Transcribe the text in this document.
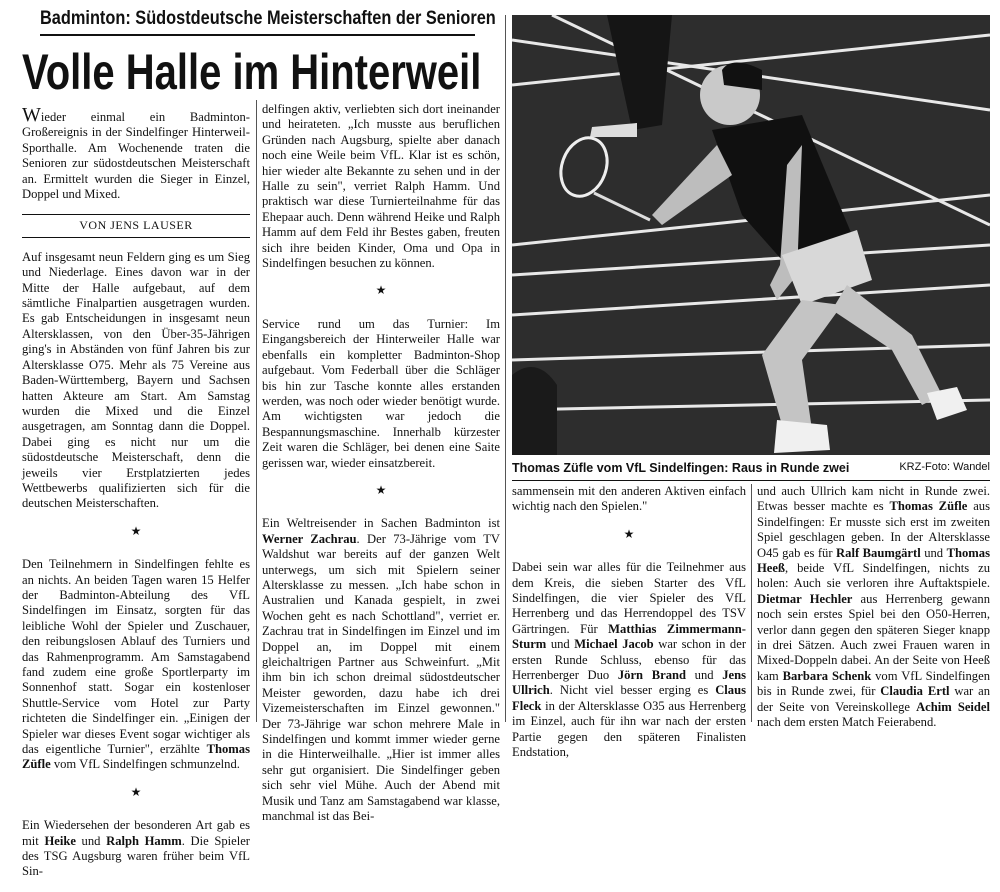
Badminton: Südostdeutsche Meisterschaften der Senioren
Volle Halle im Hinterweil

Wieder einmal ein Badminton-Großereignis in der Sindelfinger Hinterweil-Sporthalle. Am Wochenende traten die Senioren zur südostdeutschen Meisterschaft an. Ermittelt wurden die Sieger in Einzel, Doppel und Mixed.

VON JENS LAUSER

Auf insgesamt neun Feldern ging es um Sieg und Niederlage. Eines davon war in der Mitte der Halle aufgebaut, auf dem sämtliche Finalpartien ausgetragen wurden. Es gab Entscheidungen in insgesamt neun Altersklassen, von den Über-35-Jährigen ging's in Abständen von fünf Jahren bis zur Altersklasse O75. Mehr als 75 Vereine aus Baden-Württemberg, Bayern und Sachsen hatten Akteure am Start. Am Samstag wurden die Mixed und die Einzel ausgetragen, am Sonntag dann die Doppel. Dabei ging es nicht nur um die südostdeutsche Meisterschaft, denn die jeweils vier Erstplatzierten jedes Wettbewerbs qualifizierten sich für die deutschen Meisterschaften.

★

Den Teilnehmern in Sindelfingen fehlte es an nichts. An beiden Tagen waren 15 Helfer der Badminton-Abteilung des VfL Sindelfingen im Einsatz, sorgten für das leibliche Wohl der Spieler und Zuschauer, den reibungslosen Ablauf des Turniers und das Rahmenprogramm. Am Samstagabend fand zudem eine große Sportlerparty im Sonnenhof statt. Sogar ein kostenloser Shuttle-Service vom Hotel zur Party richteten die Sindelfinger ein. „Einigen der Spieler war dieses Event sogar wichtiger als das eigentliche Turnier", erzählte Thomas Züfle vom VfL Sindelfingen schmunzelnd.

★

Ein Wiedersehen der besonderen Art gab es mit Heike und Ralph Hamm. Die Spieler des TSG Augsburg waren früher beim VfL Sin-

delfingen aktiv, verliebten sich dort ineinander und heirateten. „Ich musste aus beruflichen Gründen nach Augsburg, spielte aber danach noch eine Weile beim VfL. Klar ist es schön, hier wieder alte Bekannte zu sehen und in der Halle zu sein", verriet Ralph Hamm. Und praktisch war diese Turnierteilnahme für das Ehepaar auch. Denn während Heike und Ralph Hamm auf dem Feld ihr Bestes gaben, freuten sich ihre beiden Kinder, Oma und Opa in Sindelfingen besuchen zu können.

★

Service rund um das Turnier: Im Eingangsbereich der Hinterweiler Halle war ebenfalls ein kompletter Badminton-Shop aufgebaut. Vom Federball über die Schläger bis hin zur Tasche konnte alles erstanden werden, was noch oder wieder benötigt wurde. Am wichtigsten war jedoch die Bespannungsmaschine. Innerhalb kürzester Zeit waren die Schläger, bei denen eine Saite gerissen war, wieder einsatzbereit.

★

Ein Weltreisender in Sachen Badminton ist Werner Zachrau. Der 73-Jährige vom TV Waldshut war bereits auf der ganzen Welt unterwegs, um sich mit Spielern seiner Altersklasse zu messen. „Ich habe schon in Australien und Kanada gespielt, in zwei Wochen geht es nach Schottland", verriet er. Zachrau trat in Sindelfingen im Einzel und im Doppel an, im Doppel mit einem gleichaltrigen Partner aus Schweinfurt. „Mit ihm bin ich schon dreimal südostdeutscher Meister geworden, dazu habe ich drei Vizemeisterschaften im Einzel gewonnen." Der 73-Jährige war schon mehrere Male in Sindelfingen und kommt immer wieder gerne in die Hinterweilhalle. „Hier ist immer alles sehr gut organisiert. Die Sindelfinger geben sich sehr viel Mühe. Auch der Abend mit Musik und Tanz am Samstagabend war klasse, manchmal ist das Bei-

Thomas Züfle vom VfL Sindelfingen: Raus in Runde zwei	KRZ-Foto: Wandel

sammensein mit den anderen Aktiven einfach wichtig nach den Spielen."

★

Dabei sein war alles für die Teilnehmer aus dem Kreis, die sieben Starter des VfL Sindelfingen, die vier Spieler des VfL Herrenberg und das Herrendoppel des TSV Gärtringen. Für Matthias Zimmermann-Sturm und Michael Jacob war schon in der ersten Runde Schluss, ebenso für das Herrenberger Duo Jörn Brand und Jens Ullrich. Nicht viel besser erging es Claus Fleck in der Altersklasse O35 aus Herrenberg im Einzel, auch für ihn war nach der ersten Partie gegen den späteren Finalisten Endstation,

und auch Ullrich kam nicht in Runde zwei. Etwas besser machte es Thomas Züfle aus Sindelfingen: Er musste sich erst im zweiten Spiel geschlagen geben. In der Altersklasse O45 gab es für Ralf Baumgärtl und Thomas Heeß, beide VfL Sindelfingen, nichts zu holen: Auch sie verloren ihre Auftaktspiele. Dietmar Hechler aus Herrenberg gewann noch sein erstes Spiel bei den O50-Herren, verlor dann gegen den späteren Sieger knapp in drei Sätzen. Auch zwei Frauen waren in Mixed-Doppeln dabei. An der Seite von Heeß kam Barbara Schenk vom VfL Sindelfingen bis in Runde zwei, für Claudia Ertl war an der Seite von Vereinskollege Achim Seidel nach dem ersten Match Feierabend.
